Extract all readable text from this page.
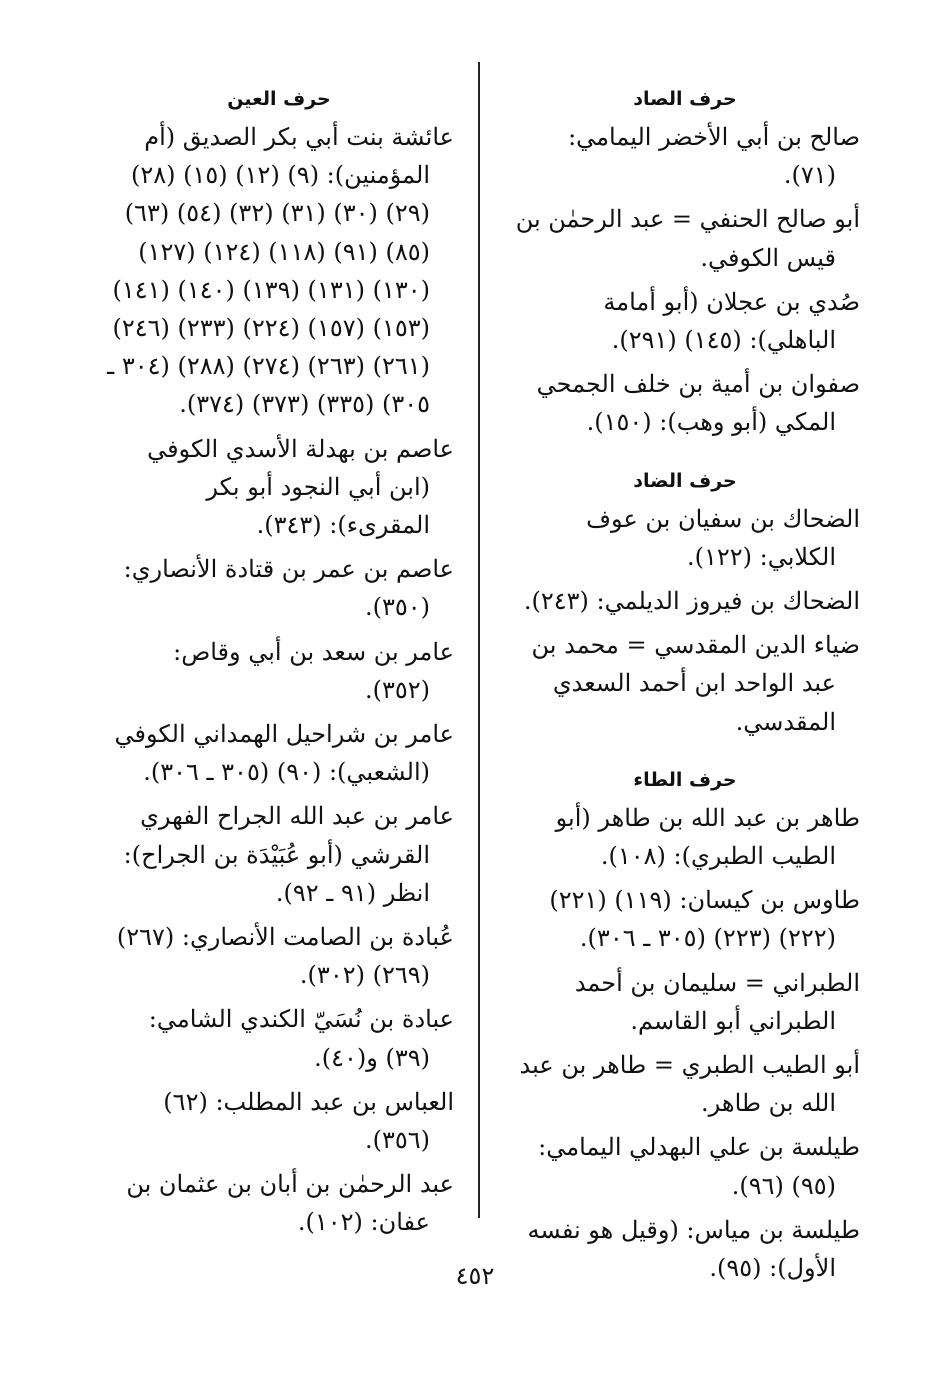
حرف الصاد

صالح بن أبي الأخضر اليمامي: (٧١).

أبو صالح الحنفي = عبد الرحمٰن بن قيس الكوفي.

صُدي بن عجلان (أبو أمامة الباهلي): (١٤٥) (٢٩١).

صفوان بن أمية بن خلف الجمحي المكي (أبو وهب): (١٥٠).

حرف الضاد

الضحاك بن سفيان بن عوف الكلابي: (١٢٢).

الضحاك بن فيروز الديلمي: (٢٤٣).

ضياء الدين المقدسي = محمد بن عبد الواحد ابن أحمد السعدي المقدسي.

حرف الطاء

طاهر بن عبد الله بن طاهر (أبو الطيب الطبري): (١٠٨).

طاوس بن كيسان: (١١٩) (٢٢١) (٢٢٢) (٢٢٣) (٣٠٥ ـ ٣٠٦).

الطبراني = سليمان بن أحمد الطبراني أبو القاسم.

أبو الطيب الطبري = طاهر بن عبد الله بن طاهر.

طيلسة بن علي البهدلي اليمامي: (٩٥) (٩٦).

طيلسة بن مياس: (وقيل هو نفسه الأول): (٩٥).

حرف العين

عائشة بنت أبي بكر الصديق (أم المؤمنين): (٩) (١٢) (١٥) (٢٨) (٢٩) (٣٠) (٣١) (٣٢) (٥٤) (٦٣) (٨٥) (٩١) (١١٨) (١٢٤) (١٢٧) (١٣٠) (١٣١) (١٣٩) (١٤٠) (١٤١) (١٥٣) (١٥٧) (٢٢٤) (٢٣٣) (٢٤٦) (٢٦١) (٢٦٣) (٢٧٤) (٢٨٨) (٣٠٤ ـ ٣٠٥) (٣٣٥) (٣٧٣) (٣٧٤).

عاصم بن بهدلة الأسدي الكوفي (ابن أبي النجود أبو بكر المقرىء): (٣٤٣).

عاصم بن عمر بن قتادة الأنصاري: (٣٥٠).

عامر بن سعد بن أبي وقاص: (٣٥٢).

عامر بن شراحيل الهمداني الكوفي (الشعبي): (٩٠) (٣٠٥ ـ ٣٠٦).

عامر بن عبد الله الجراح الفهري القرشي (أبو عُبَيْدَة بن الجراح): انظر (٩١ ـ ٩٢).

عُبادة بن الصامت الأنصاري: (٢٦٧) (٢٦٩) (٣٠٢).

عبادة بن نُسَيّ الكندي الشامي: (٣٩) و(٤٠).

العباس بن عبد المطلب: (٦٢) (٣٥٦).

عبد الرحمٰن بن أبان بن عثمان بن عفان: (١٠٢).

٤٥٢
